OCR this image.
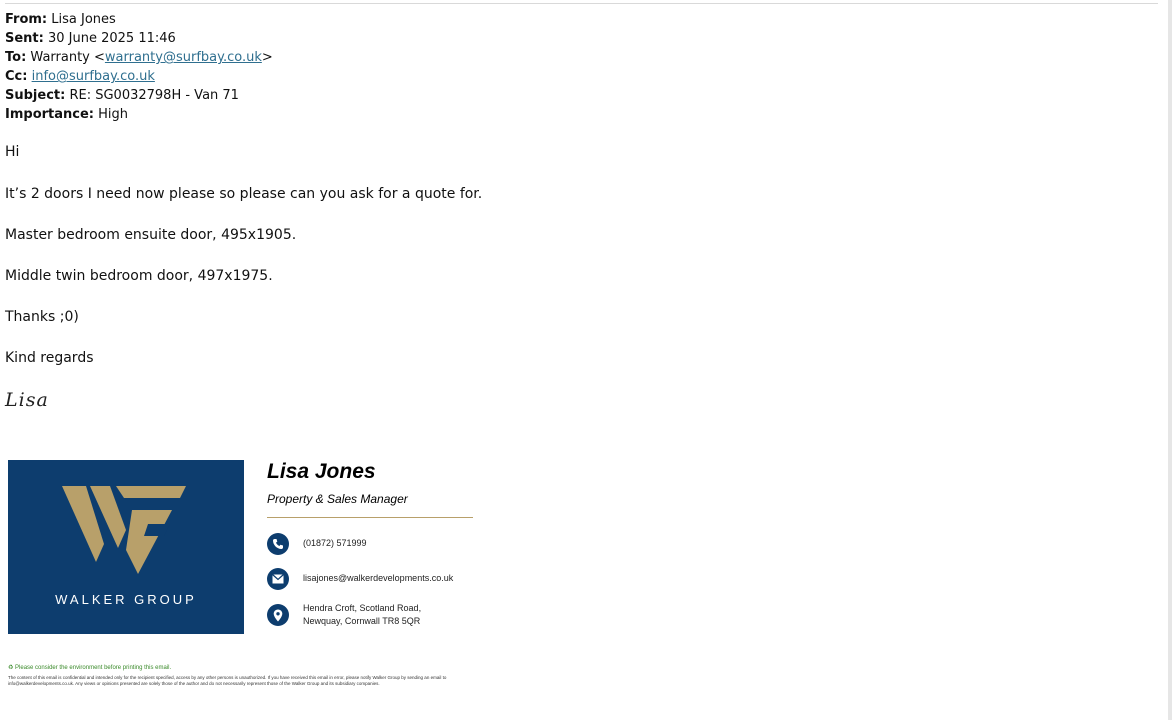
From: Lisa Jones
Sent: 30 June 2025 11:46
To: Warranty <warranty@surfbay.co.uk>
Cc: info@surfbay.co.uk
Subject: RE: SG0032798H - Van 71
Importance: High
Hi
It’s 2 doors I need now please so please can you ask for a quote for.
Master bedroom ensuite door, 495x1905.
Middle twin bedroom door, 497x1975.
Thanks ;0)
Kind regards
Lisa
WALKER GROUP
Lisa Jones
Property & Sales Manager
(01872) 571999
lisajones@walkerdevelopments.co.uk
Hendra Croft, Scotland Road,
Newquay, Cornwall TR8 5QR
♻ Please consider the environment before printing this email.
The content of this email is confidential and intended only for the recipient specified, access by any other persons is unauthorized. If you have received this email in error, please notify Walker Group by sending an email to info@walkerdevelopments.co.uk. Any views or opinions presented are solely those of the author and do not necessarily represent those of the Walker Group and its subsidiary companies.
